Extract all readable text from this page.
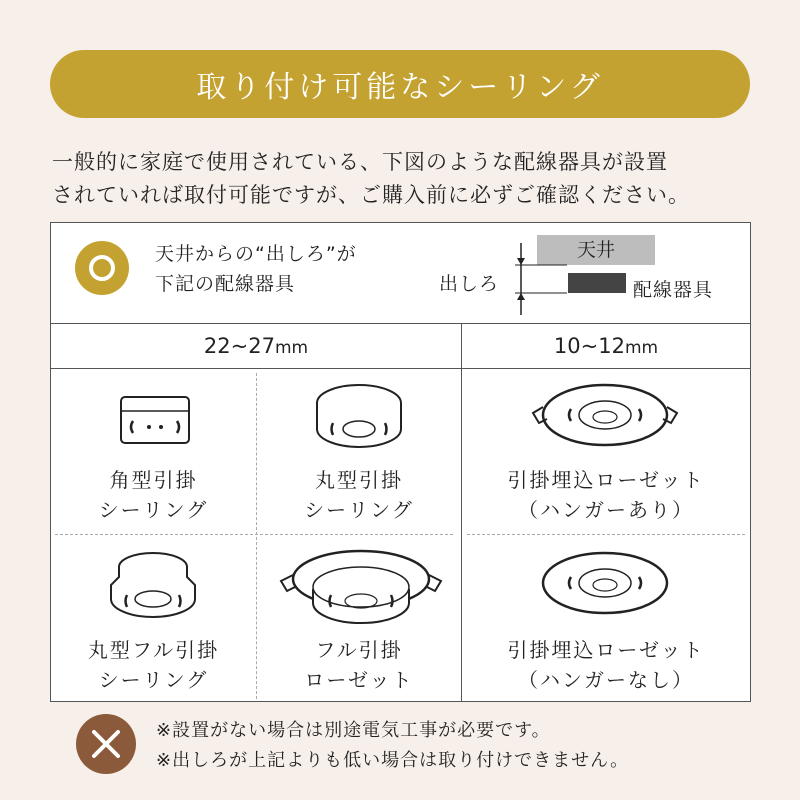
取り付け可能なシーリング
一般的に家庭で使用されている、下図のような配線器具が設置
されていれば取付可能ですが、ご購入前に必ずご確認ください。
天井からの“出しろ”が
下記の配線器具
天井
配線器具
出しろ
22~27mm	10~12mm
角型引掛
シーリング
丸型引掛
シーリング
引掛埋込ローゼット
（ハンガーあり）
丸型フル引掛
シーリング
フル引掛
ローゼット
引掛埋込ローゼット
（ハンガーなし）
※設置がない場合は別途電気工事が必要です。
※出しろが上記よりも低い場合は取り付けできません。
